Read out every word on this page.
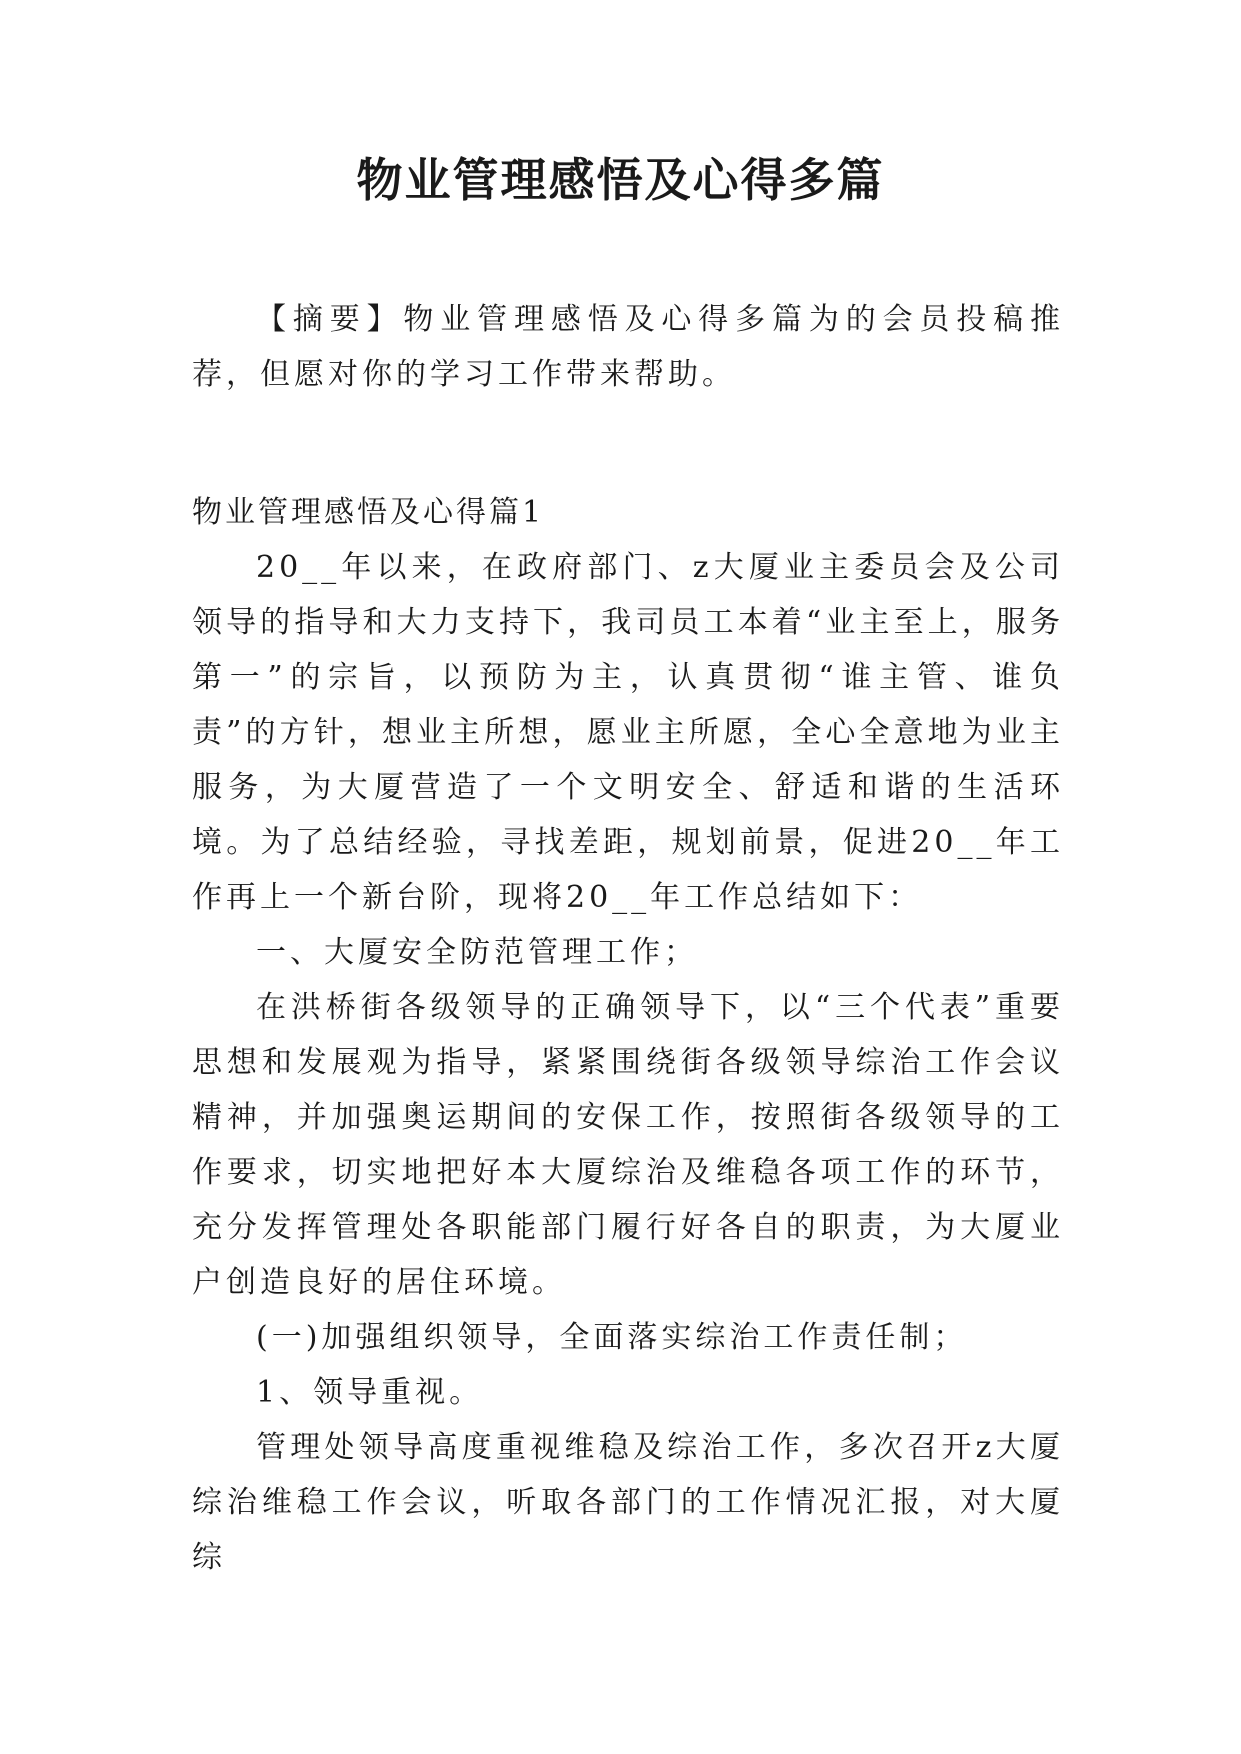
物业管理感悟及心得多篇

【摘要】物业管理感悟及心得多篇为的会员投稿推荐，但愿对你的学习工作带来帮助。

物业管理感悟及心得篇1

20__年以来，在政府部门、z大厦业主委员会及公司领导的指导和大力支持下，我司员工本着“业主至上，服务第一”的宗旨，以预防为主，认真贯彻“谁主管、谁负责”的方针，想业主所想，愿业主所愿，全心全意地为业主服务，为大厦营造了一个文明安全、舒适和谐的生活环境。为了总结经验，寻找差距，规划前景，促进20__年工作再上一个新台阶，现将20__年工作总结如下：

一、大厦安全防范管理工作；

在洪桥街各级领导的正确领导下，以“三个代表”重要思想和发展观为指导，紧紧围绕街各级领导综治工作会议精神，并加强奥运期间的安保工作，按照街各级领导的工作要求，切实地把好本大厦综治及维稳各项工作的环节，充分发挥管理处各职能部门履行好各自的职责，为大厦业户创造良好的居住环境。

(一)加强组织领导，全面落实综治工作责任制；

1、领导重视。

管理处领导高度重视维稳及综治工作，多次召开z大厦综治维稳工作会议，听取各部门的工作情况汇报，对大厦综
